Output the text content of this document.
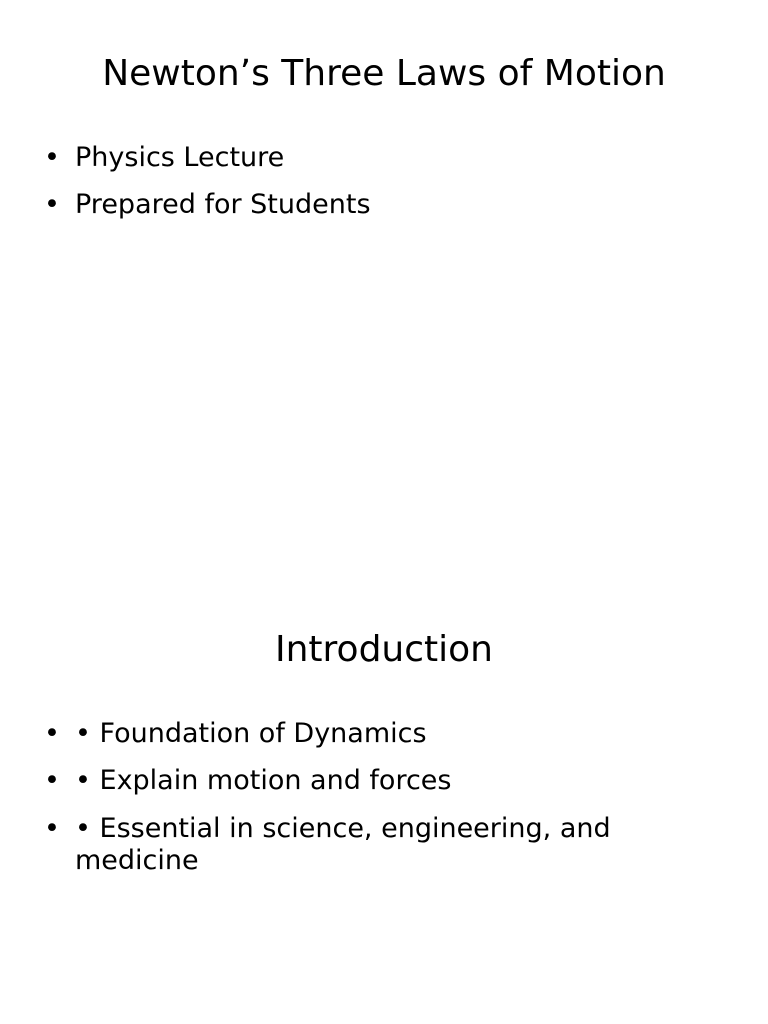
Newton’s Three Laws of Motion
• Physics Lecture
• Prepared for Students
Introduction
• • Foundation of Dynamics
• • Explain motion and forces
• • Essential in science, engineering, and medicine
